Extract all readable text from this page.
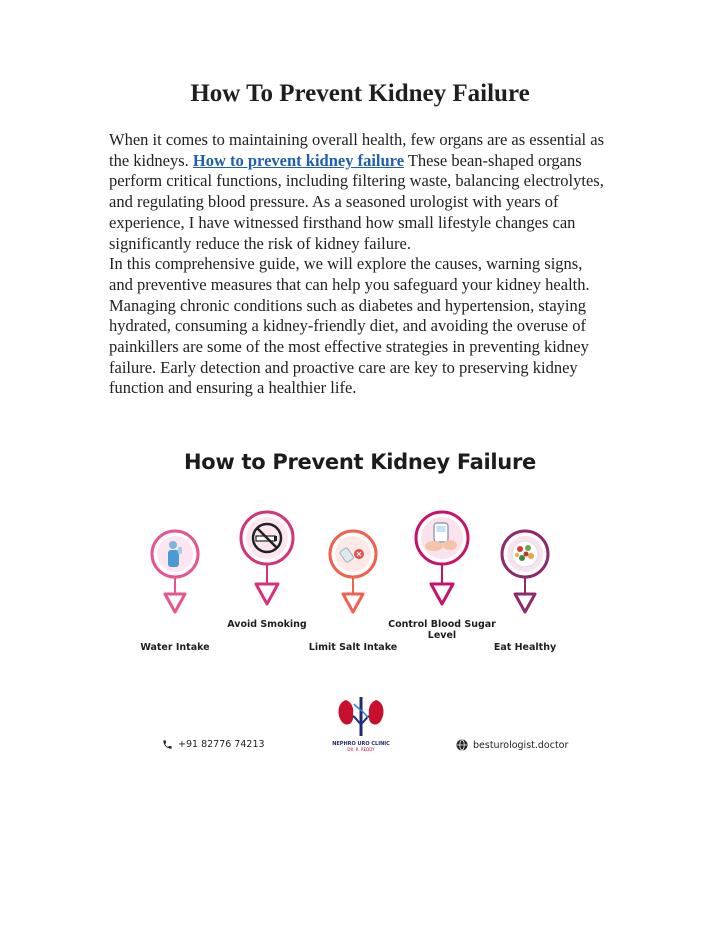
How To Prevent Kidney Failure

When it comes to maintaining overall health, few organs are as essential as the kidneys. How to prevent kidney failure These bean-shaped organs perform critical functions, including filtering waste, balancing electrolytes, and regulating blood pressure. As a seasoned urologist with years of experience, I have witnessed firsthand how small lifestyle changes can significantly reduce the risk of kidney failure.

In this comprehensive guide, we will explore the causes, warning signs, and preventive measures that can help you safeguard your kidney health. Managing chronic conditions such as diabetes and hypertension, staying hydrated, consuming a kidney-friendly diet, and avoiding the overuse of painkillers are some of the most effective strategies in preventing kidney failure. Early detection and proactive care are key to preserving kidney function and ensuring a healthier life.

How to Prevent Kidney Failure
Water Intake
Avoid Smoking
Limit Salt Intake
Control Blood Sugar Level
Eat Healthy
NEPHRO URO CLINIC
DR. R. REDDY
+91 82776 74213	besturologist.doctor
